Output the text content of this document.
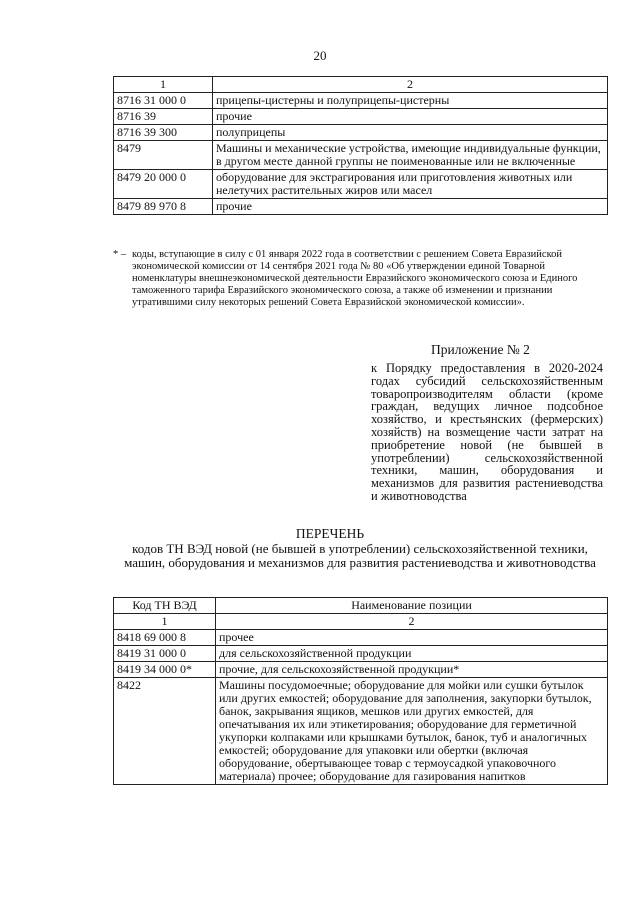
20
1	2
8716 31 000 0	прицепы-цистерны и полуприцепы-цистерны
8716 39	прочие
8716 39 300	полуприцепы
8479	Машины и механические устройства, имеющие индивидуальные функции, в другом месте данной группы не поименованные или не включенные
8479 20 000 0	оборудование для экстрагирования или приготовления животных или нелетучих растительных жиров или масел
8479 89 970 8	прочие
* – коды, вступающие в силу с 01 января 2022 года в соответствии с решением Совета Евразийской экономической комиссии от 14 сентября 2021 года № 80 «Об утверждении единой Товарной номенклатуры внешнеэкономической деятельности Евразийского экономического союза и Единого таможенного тарифа Евразийского экономического союза, а также об изменении и признании утратившими силу некоторых решений Совета Евразийской экономической комиссии».
Приложение № 2
к Порядку предоставления в 2020-2024 годах субсидий сельскохозяйственным товаропроизводителям области (кроме граждан, ведущих личное подсобное хозяйство, и крестьянских (фермерских) хозяйств) на возмещение части затрат на приобретение новой (не бывшей в употреблении) сельскохозяйственной техники, машин, оборудования и механизмов для развития растениеводства и животноводства
ПЕРЕЧЕНЬ
кодов ТН ВЭД новой (не бывшей в употреблении) сельскохозяйственной техники, машин, оборудования и механизмов для развития растениеводства и животноводства
Код ТН ВЭД	Наименование позиции
1	2
8418 69 000 8	прочее
8419 31 000 0	для сельскохозяйственной продукции
8419 34 000 0*	прочие, для сельскохозяйственной продукции*
8422	Машины посудомоечные; оборудование для мойки или сушки бутылок или других емкостей; оборудование для заполнения, закупорки бутылок, банок, закрывания ящиков, мешков или других емкостей, для опечатывания их или этикетирования; оборудование для герметичной укупорки колпаками или крышками бутылок, банок, туб и аналогичных емкостей; оборудование для упаковки или обертки (включая оборудование, обертывающее товар с термоусадкой упаковочного материала) прочее; оборудование для газирования напитков
